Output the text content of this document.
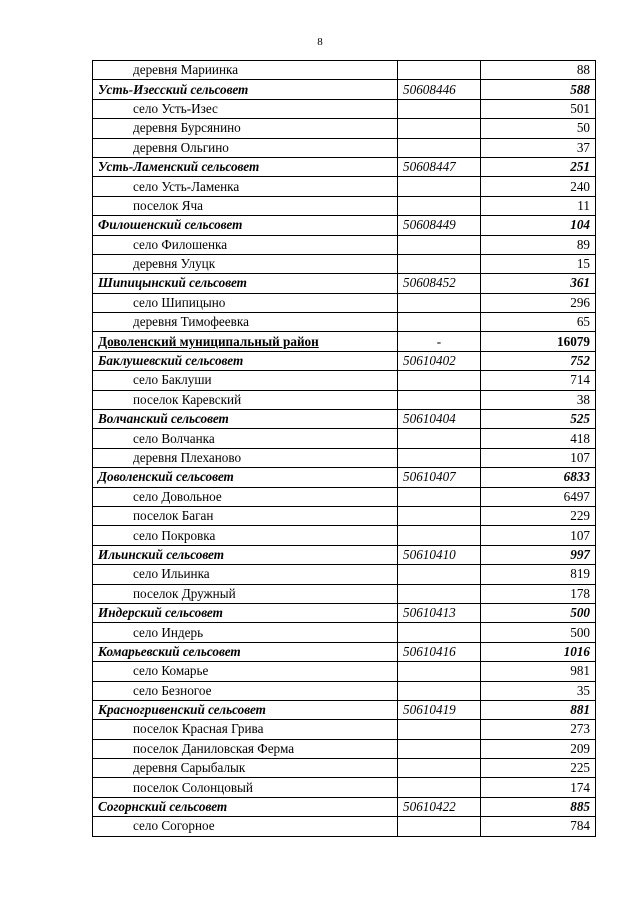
8
деревня Мариинка		88
Усть-Изесский сельсовет	50608446	588
село Усть-Изес		501
деревня Бурсянино		50
деревня Ольгино		37
Усть-Ламенский сельсовет	50608447	251
село Усть-Ламенка		240
поселок Яча		11
Филошенский сельсовет	50608449	104
село Филошенка		89
деревня Улуцк		15
Шипицынский сельсовет	50608452	361
село Шипицыно		296
деревня Тимофеевка		65
Доволенский муниципальный район	-	16079
Баклушевский сельсовет	50610402	752
село Баклуши		714
поселок Каревский		38
Волчанский сельсовет	50610404	525
село Волчанка		418
деревня Плеханово		107
Доволенский сельсовет	50610407	6833
село Довольное		6497
поселок Баган		229
село Покровка		107
Ильинский сельсовет	50610410	997
село Ильинка		819
поселок Дружный		178
Индерский сельсовет	50610413	500
село Индерь		500
Комарьевский сельсовет	50610416	1016
село Комарье		981
село Безногое		35
Красногривенский сельсовет	50610419	881
поселок Красная Грива		273
поселок Даниловская Ферма		209
деревня Сарыбалык		225
поселок Солонцовый		174
Согорнский сельсовет	50610422	885
село Согорное		784
